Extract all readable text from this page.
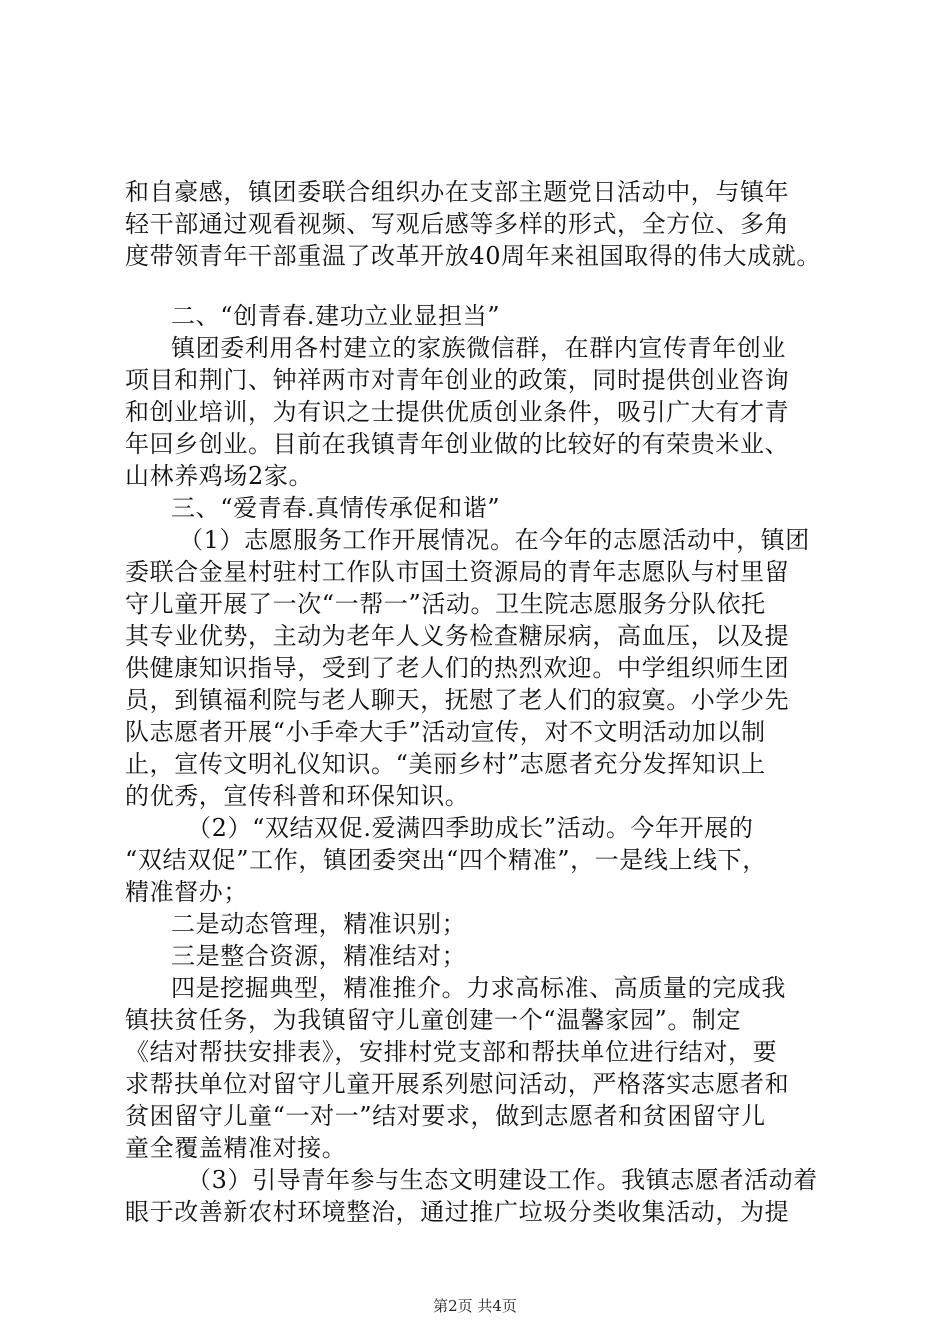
和自豪感，镇团委联合组织办在支部主题党日活动中，与镇年
轻干部通过观看视频、写观后感等多样的形式，全方位、多角
度带领青年干部重温了改革开放40周年来祖国取得的伟大成就。
二、“创青春.建功立业显担当”
镇团委利用各村建立的家族微信群，在群内宣传青年创业
项目和荆门、钟祥两市对青年创业的政策，同时提供创业咨询
和创业培训，为有识之士提供优质创业条件，吸引广大有才青
年回乡创业。目前在我镇青年创业做的比较好的有荣贵米业、
山林养鸡场2家。
三、“爱青春.真情传承促和谐”
（1）志愿服务工作开展情况。在今年的志愿活动中，镇团
委联合金星村驻村工作队市国土资源局的青年志愿队与村里留
守儿童开展了一次“一帮一”活动。卫生院志愿服务分队依托
其专业优势，主动为老年人义务检查糖尿病，高血压，以及提
供健康知识指导，受到了老人们的热烈欢迎。中学组织师生团
员，到镇福利院与老人聊天，抚慰了老人们的寂寞。小学少先
队志愿者开展“小手牵大手”活动宣传，对不文明活动加以制
止，宣传文明礼仪知识。“美丽乡村”志愿者充分发挥知识上
的优秀，宣传科普和环保知识。
（2）“双结双促.爱满四季助成长”活动。今年开展的
“双结双促”工作，镇团委突出“四个精准”，一是线上线下，
精准督办；
二是动态管理，精准识别；
三是整合资源，精准结对；
四是挖掘典型，精准推介。力求高标准、高质量的完成我
镇扶贫任务，为我镇留守儿童创建一个“温馨家园”。制定
《结对帮扶安排表》，安排村党支部和帮扶单位进行结对，要
求帮扶单位对留守儿童开展系列慰问活动，严格落实志愿者和
贫困留守儿童“一对一”结对要求，做到志愿者和贫困留守儿
童全覆盖精准对接。
（3）引导青年参与生态文明建设工作。我镇志愿者活动着
眼于改善新农村环境整治，通过推广垃圾分类收集活动，为提
第2页 共4页
